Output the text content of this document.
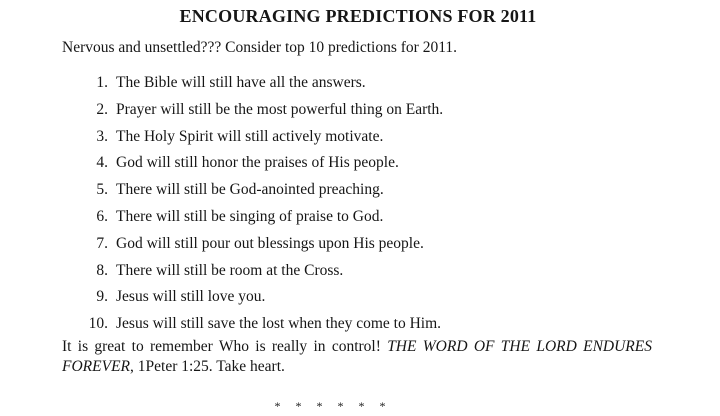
ENCOURAGING PREDICTIONS FOR 2011
Nervous and unsettled??? Consider top 10 predictions for 2011.
1. The Bible will still have all the answers.
2. Prayer will still be the most powerful thing on Earth.
3. The Holy Spirit will still actively motivate.
4. God will still honor the praises of His people.
5. There will still be God-anointed preaching.
6. There will still be singing of praise to God.
7. God will still pour out blessings upon His people.
8. There will still be room at the Cross.
9. Jesus will still love you.
10. Jesus will still save the lost when they come to Him.
It is great to remember Who is really in control! THE WORD OF THE LORD ENDURES FOREVER, 1Peter 1:25. Take heart.
* * * * * *
